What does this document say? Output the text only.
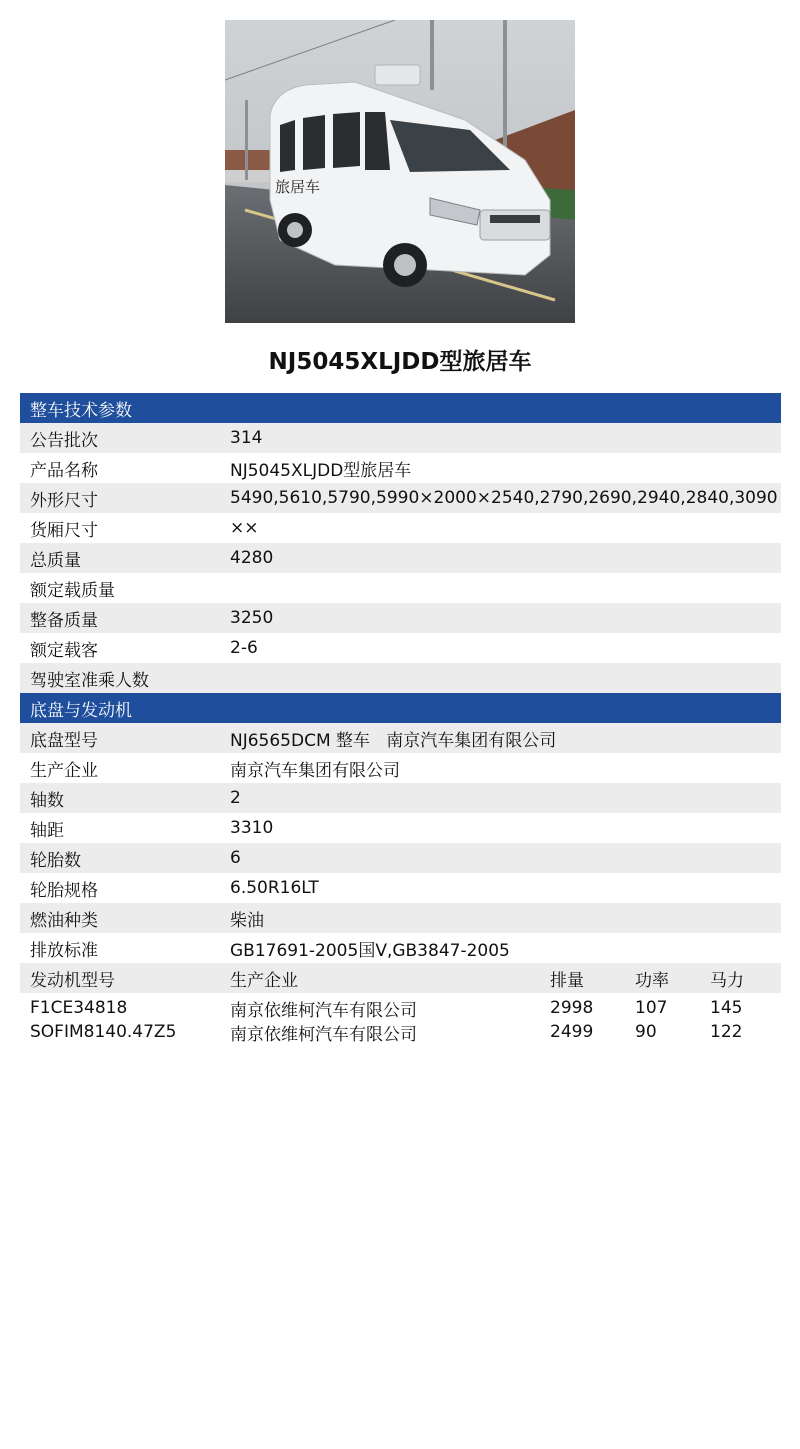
旅居车
NJ5045XLJDD型旅居车
整车技术参数
公告批次	314
产品名称	NJ5045XLJDD型旅居车
外形尺寸	5490,5610,5790,5990×2000×2540,2790,2690,2940,2840,3090
货厢尺寸	××
总质量	4280
额定载质量
整备质量	3250
额定载客	2-6
驾驶室准乘人数
底盘与发动机
底盘型号	NJ6565DCM 整车   南京汽车集团有限公司
生产企业	南京汽车集团有限公司
轴数	2
轴距	3310
轮胎数	6
轮胎规格	6.50R16LT
燃油种类	柴油
排放标准	GB17691-2005国Ⅴ,GB3847-2005
发动机型号	生产企业	排量	功率	马力
F1CE34818	南京依维柯汽车有限公司	2998	107	145
SOFIM8140.47Z5	南京依维柯汽车有限公司	2499	90	122
